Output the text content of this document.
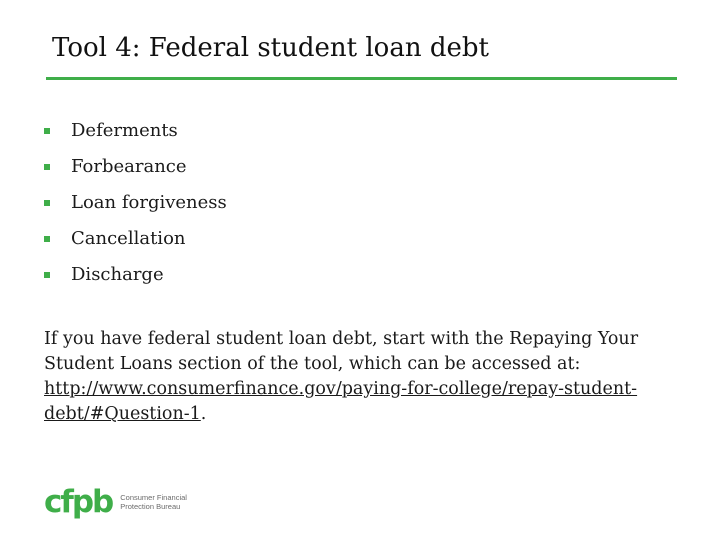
Tool 4: Federal student loan debt
Deferments
Forbearance
Loan forgiveness
Cancellation
Discharge

If you have federal student loan debt, start with the Repaying Your Student Loans section of the tool, which can be accessed at: http://www.consumerfinance.gov/paying-for-college/repay-student-debt/#Question-1.

cfpb Consumer Financial
Protection Bureau
